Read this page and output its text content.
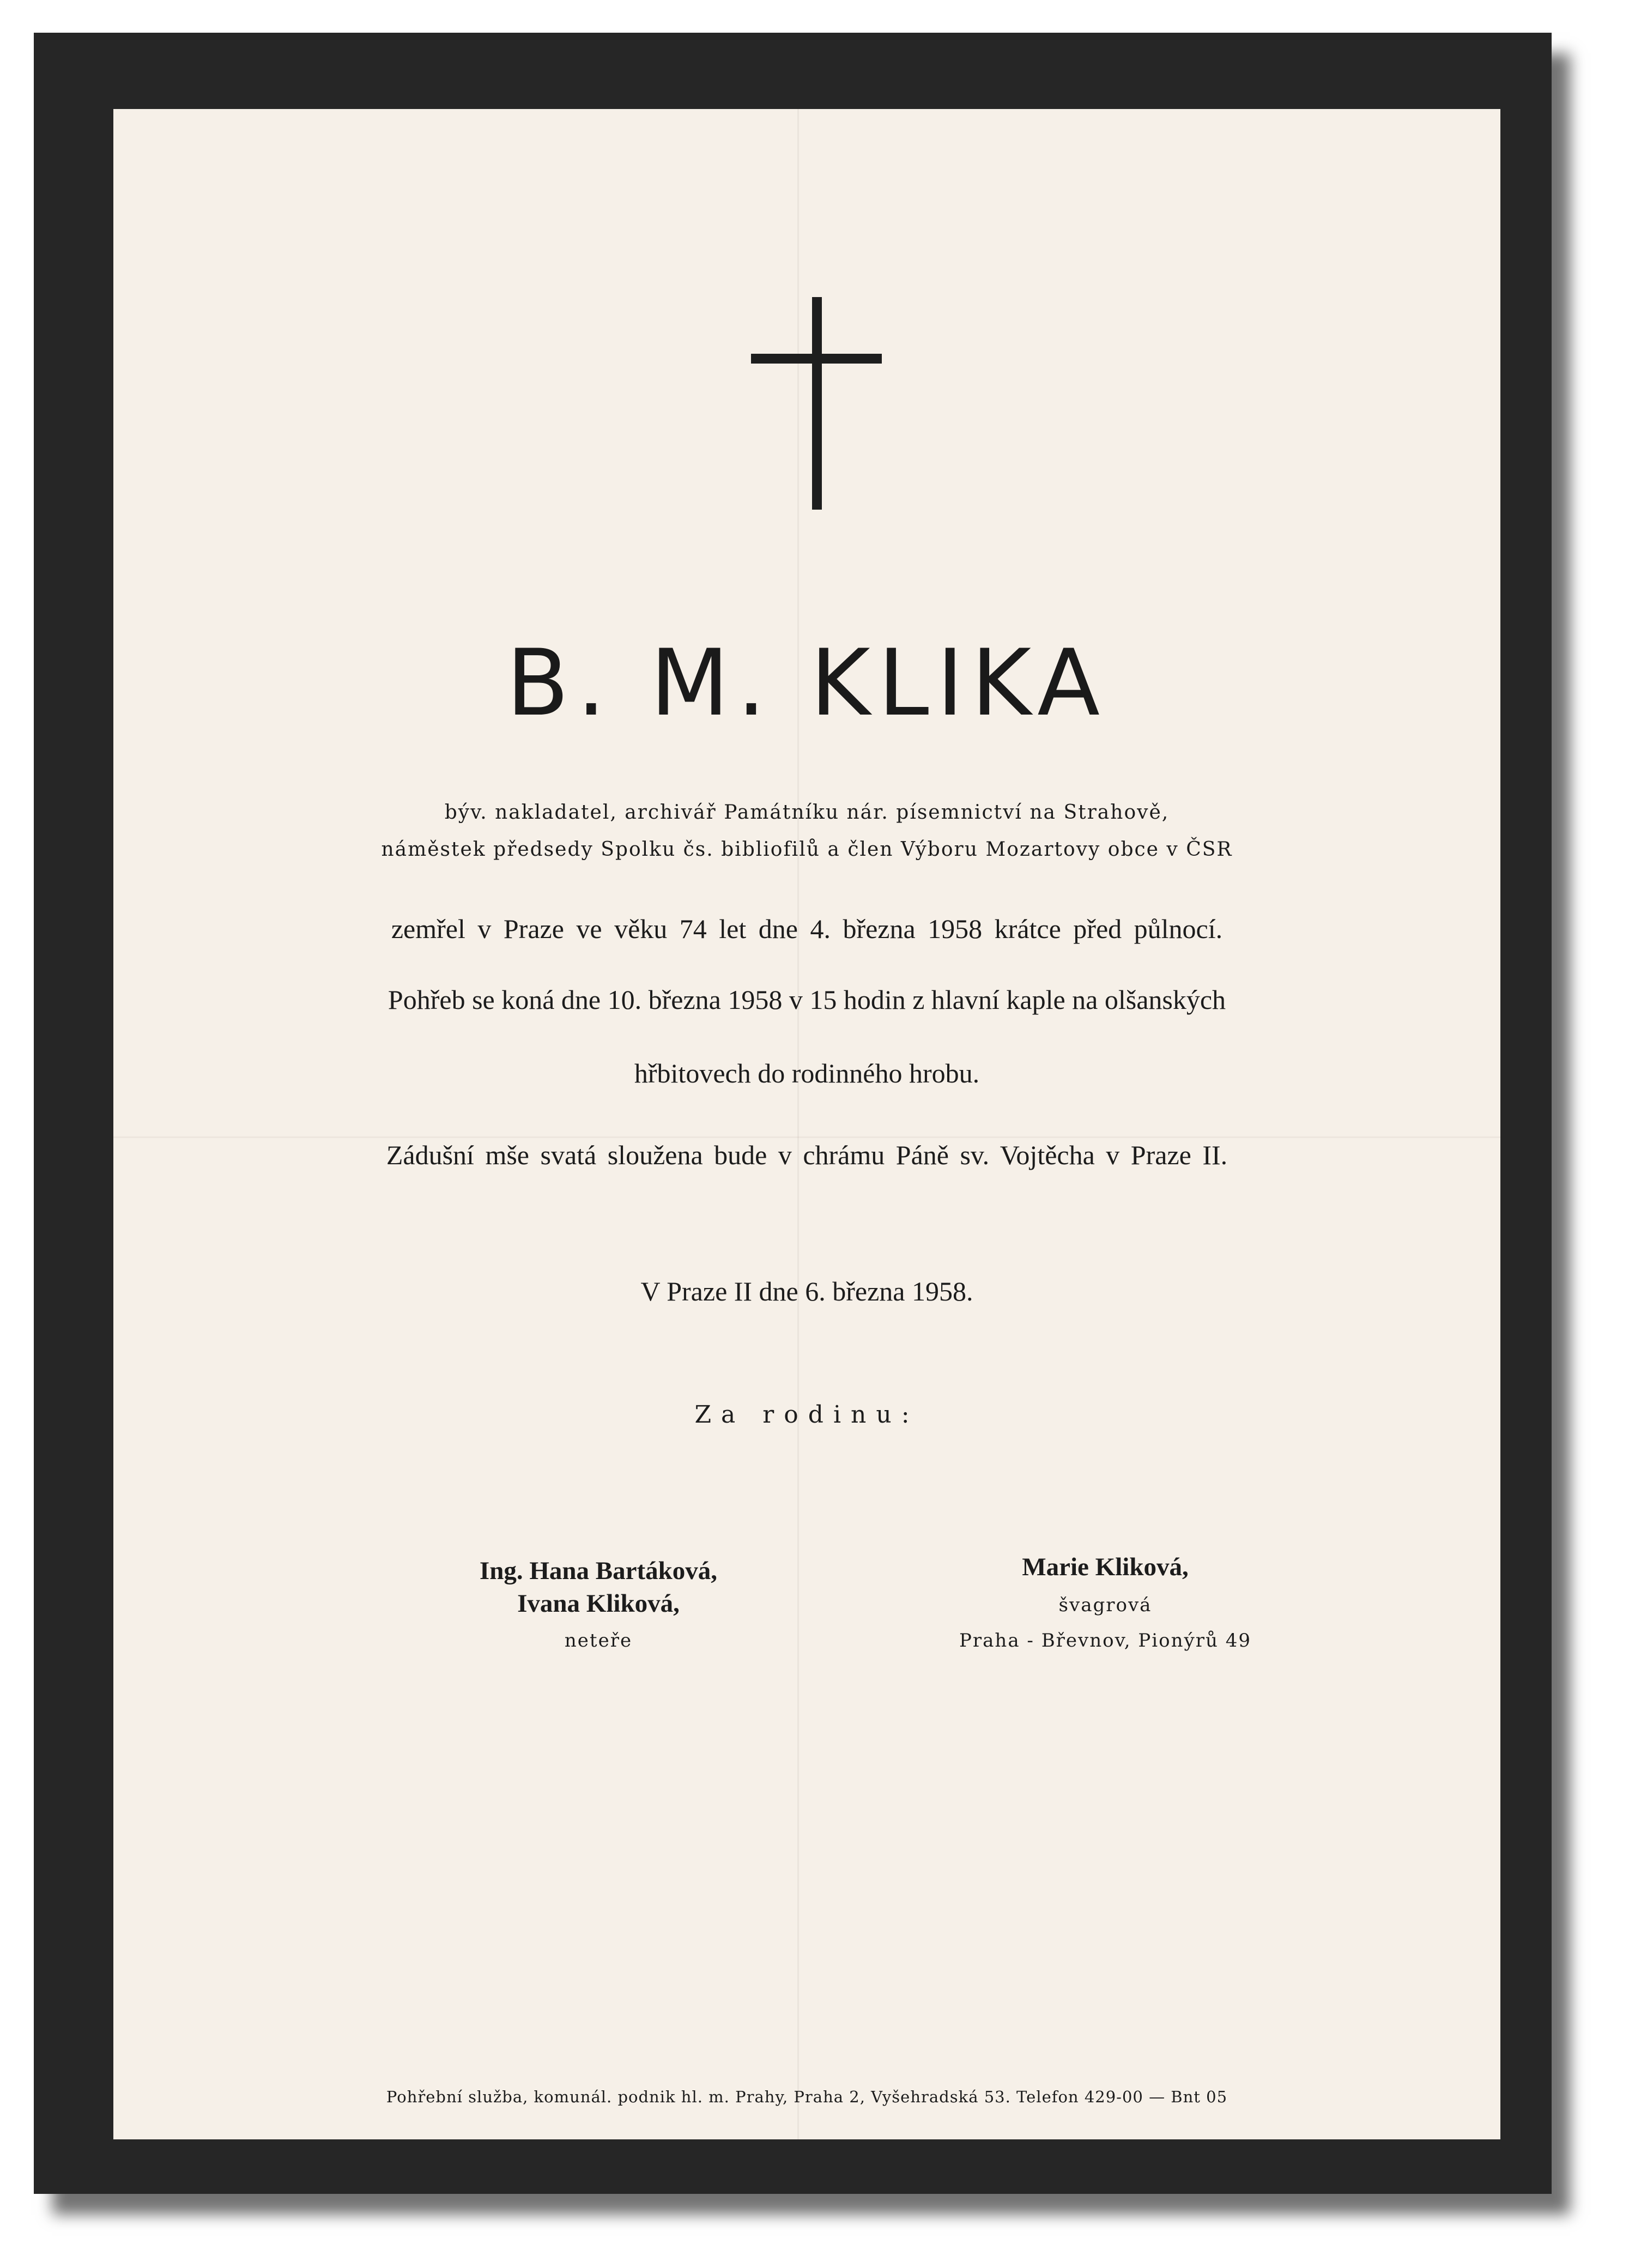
B. M. KLIKA
býv. nakladatel, archivář Památníku nár. písemnictví na Strahově,
náměstek předsedy Spolku čs. bibliofilů a člen Výboru Mozartovy obce v ČSR
zemřel v Praze ve věku 74 let dne 4. března 1958 krátce před půlnocí.
Pohřeb se koná dne 10. března 1958 v 15 hodin z hlavní kaple na olšanských
hřbitovech do rodinného hrobu.
Zádušní mše svatá sloužena bude v chrámu Páně sv. Vojtěcha v Praze II.
V Praze II dne 6. března 1958.
Za rodinu:
Ing. Hana Bartáková,
Ivana Kliková,
neteře
Marie Kliková,
švagrová
Praha - Břevnov, Pionýrů 49
Pohřební služba, komunál. podnik hl. m. Prahy, Praha 2, Vyšehradská 53. Telefon 429-00 — Bnt 05
